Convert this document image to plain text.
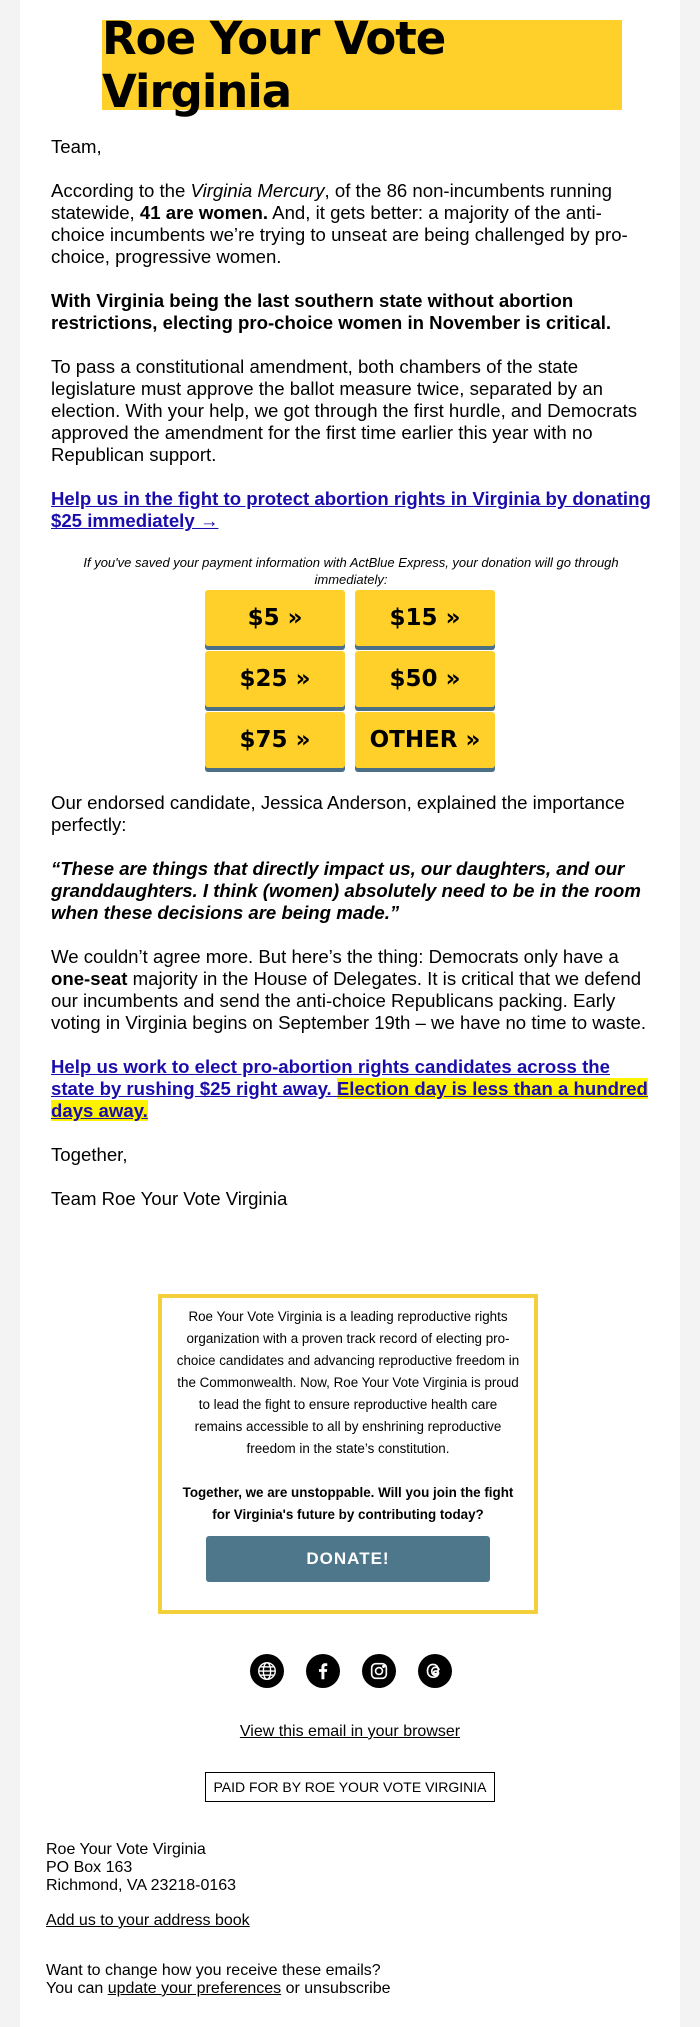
Roe Your Vote Virginia

Team,

According to the Virginia Mercury, of the 86 non-incumbents running statewide, 41 are women. And, it gets better: a majority of the anti-choice incumbents we’re trying to unseat are being challenged by pro-choice, progressive women.

With Virginia being the last southern state without abortion restrictions, electing pro-choice women in November is critical.

To pass a constitutional amendment, both chambers of the state legislature must approve the ballot measure twice, separated by an election. With your help, we got through the first hurdle, and Democrats approved the amendment for the first time earlier this year with no Republican support.

Help us in the fight to protect abortion rights in Virginia by donating $25 immediately →

If you've saved your payment information with ActBlue Express, your donation will go through immediately:

$5 »	$15 »
$25 »	$50 »
$75 »	OTHER »

Our endorsed candidate, Jessica Anderson, explained the importance perfectly:

“These are things that directly impact us, our daughters, and our granddaughters. I think (women) absolutely need to be in the room when these decisions are being made.”

We couldn’t agree more. But here’s the thing: Democrats only have a one-seat majority in the House of Delegates. It is critical that we defend our incumbents and send the anti-choice Republicans packing. Early voting in Virginia begins on September 19th – we have no time to waste.

Help us work to elect pro-abortion rights candidates across the state by rushing $25 right away. Election day is less than a hundred days away.

Together,

Team Roe Your Vote Virginia

Roe Your Vote Virginia is a leading reproductive rights organization with a proven track record of electing pro-choice candidates and advancing reproductive freedom in the Commonwealth. Now, Roe Your Vote Virginia is proud to lead the fight to ensure reproductive health care remains accessible to all by enshrining reproductive freedom in the state’s constitution.
Together, we are unstoppable. Will you join the fight for Virginia's future by contributing today?
DONATE!
View this email in your browser
PAID FOR BY ROE YOUR VOTE VIRGINIA
Roe Your Vote Virginia
PO Box 163
Richmond, VA 23218-0163
Add us to your address book
Want to change how you receive these emails?
You can update your preferences or unsubscribe
